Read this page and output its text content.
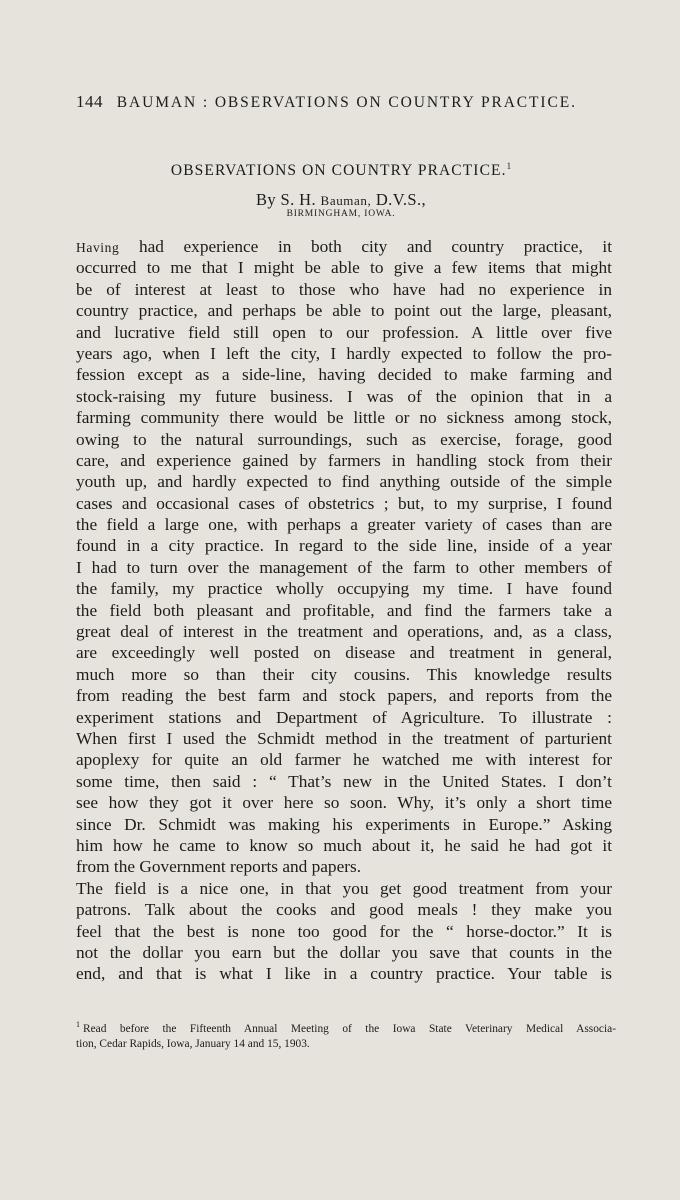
144 BAUMAN : OBSERVATIONS ON COUNTRY PRACTICE.
OBSERVATIONS ON COUNTRY PRACTICE.$^1$
By S. H. Bauman, D.V.S.,
BIRMINGHAM, IOWA.
Having had experience in both city and country practice, it
occurred to me that I might be able to give a few items that might
be of interest at least to those who have had no experience in
country practice, and perhaps be able to point out the large, pleasant,
and lucrative field still open to our profession. A little over five
years ago, when I left the city, I hardly expected to follow the pro-
fession except as a side-line, having decided to make farming and
stock-raising my future business. I was of the opinion that in a
farming community there would be little or no sickness among stock,
owing to the natural surroundings, such as exercise, forage, good
care, and experience gained by farmers in handling stock from their
youth up, and hardly expected to find anything outside of the simple
cases and occasional cases of obstetrics ; but, to my surprise, I found
the field a large one, with perhaps a greater variety of cases than are
found in a city practice. In regard to the side line, inside of a year
I had to turn over the management of the farm to other members of
the family, my practice wholly occupying my time. I have found
the field both pleasant and profitable, and find the farmers take a
great deal of interest in the treatment and operations, and, as a class,
are exceedingly well posted on disease and treatment in general,
much more so than their city cousins. This knowledge results
from reading the best farm and stock papers, and reports from the
experiment stations and Department of Agriculture. To illustrate :
When first I used the Schmidt method in the treatment of parturient
apoplexy for quite an old farmer he watched me with interest for
some time, then said : “ That’s new in the United States. I don’t
see how they got it over here so soon. Why, it’s only a short time
since Dr. Schmidt was making his experiments in Europe.” Asking
him how he came to know so much about it, he said he had got it
from the Government reports and papers.
The field is a nice one, in that you get good treatment from your
patrons. Talk about the cooks and good meals ! they make you
feel that the best is none too good for the “ horse-doctor.” It is
not the dollar you earn but the dollar you save that counts in the
end, and that is what I like in a country practice. Your table is
$^1$ Read before the Fifteenth Annual Meeting of the Iowa State Veterinary Medical Associa-
tion, Cedar Rapids, Iowa, January 14 and 15, 1903.
